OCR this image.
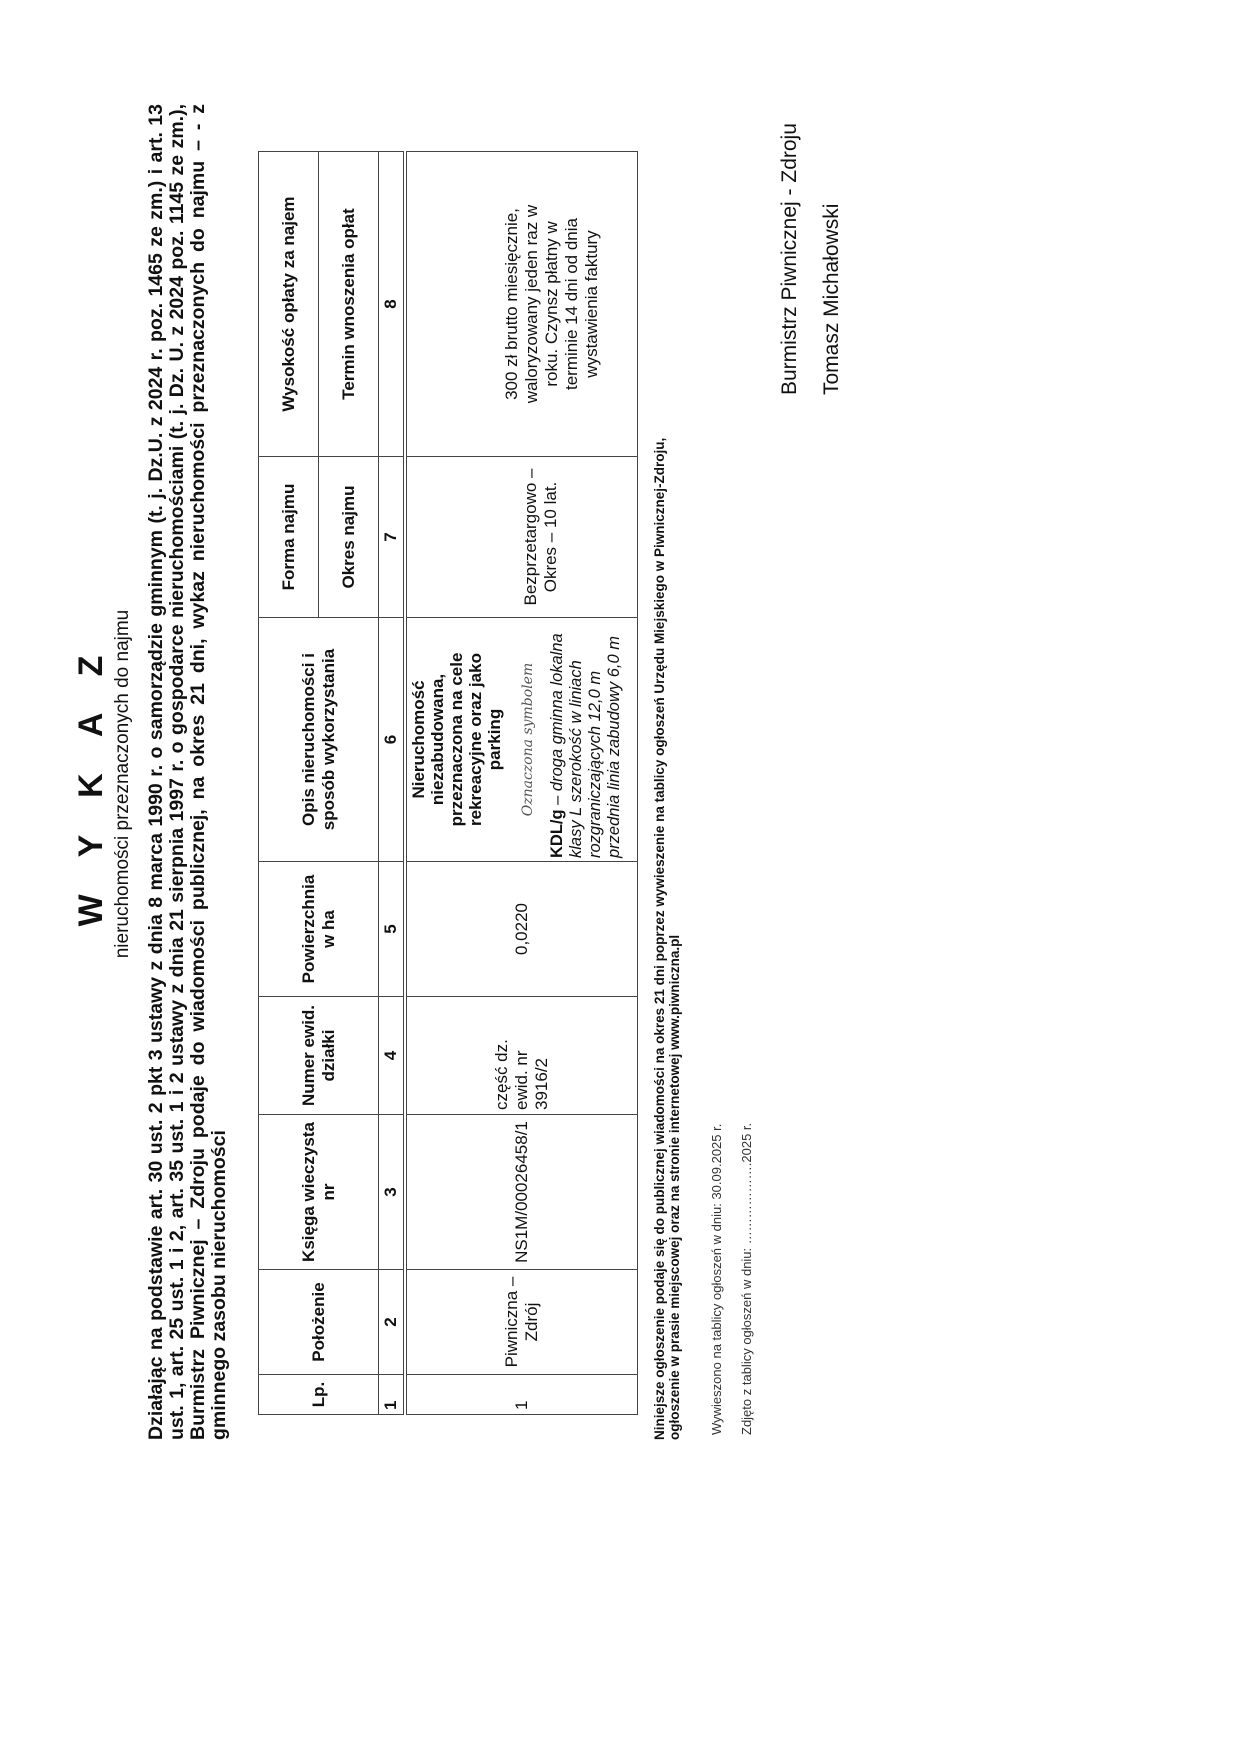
W Y K A Z nieruchomości przeznaczonych do najmu Działając na podstawie art. 30 ust. 2 pkt 3 ustawy z dnia 8 marca 1990 r. o samorządzie gminnym (t. j. Dz.U. z 2024 r. poz. 1465 ze zm.) i art. 13 ust. 1, art. 25 ust. 1 i 2, art. 35 ust. 1 i 2 ustawy z dnia 21 sierpnia 1997 r. o gospodarce nieruchomościami (t. j. Dz. U. z 2024 poz. 1145 ze zm.), Burmistrz Piwnicznej – Zdroju podaje do wiadomości publicznej, na okres 21 dni, wykaz nieruchomości przeznaczonych do najmu – - z gminnego zasobu nieruchomości	Lp.	Położenie	Księga wieczysta nr	Numer ewid. działki	Powierzchnia w ha	Opis nieruchomości i sposób wykorzystania	Forma najmu	Wysokość opłaty za najem
						Okres najmu	Termin wnoszenia opłat
1	2	3	4	5	6	7	8
1	Piwniczna – Zdrój	NS1M/00026458/1	część dz. ewid. nr 3916/2	0,0220	Nieruchomość niezabudowana, przeznaczona na cele rekreacyjne oraz jako parking Oznaczona symbolem
KDL/g – droga gminna lokalna klasy L szerokość w liniach rozgraniczających 12,0 m przednia linia zabudowy 6,0 m	Bezprzetargowo – Okres – 10 lat.	300 zł brutto miesięcznie, waloryzowany jeden raz w roku. Czynsz płatny w terminie 14 dni od dnia wystawienia faktury
Niniejsze ogłoszenie podaje się do publicznej wiadomości na okres 21 dni poprzez wywieszenie na tablicy ogłoszeń Urzędu Miejskiego w Piwnicznej-Zdroju, ogłoszenie w prasie miejscowej oraz na stronie internetowej www.piwniczna.pl Wywieszono na tablicy ogłoszeń w dniu: 30.09.2025 r. Zdjęto z tablicy ogłoszeń w dniu: ……………….2025 r.
Burmistrz Piwnicznej - Zdroju Tomasz Michałowski
